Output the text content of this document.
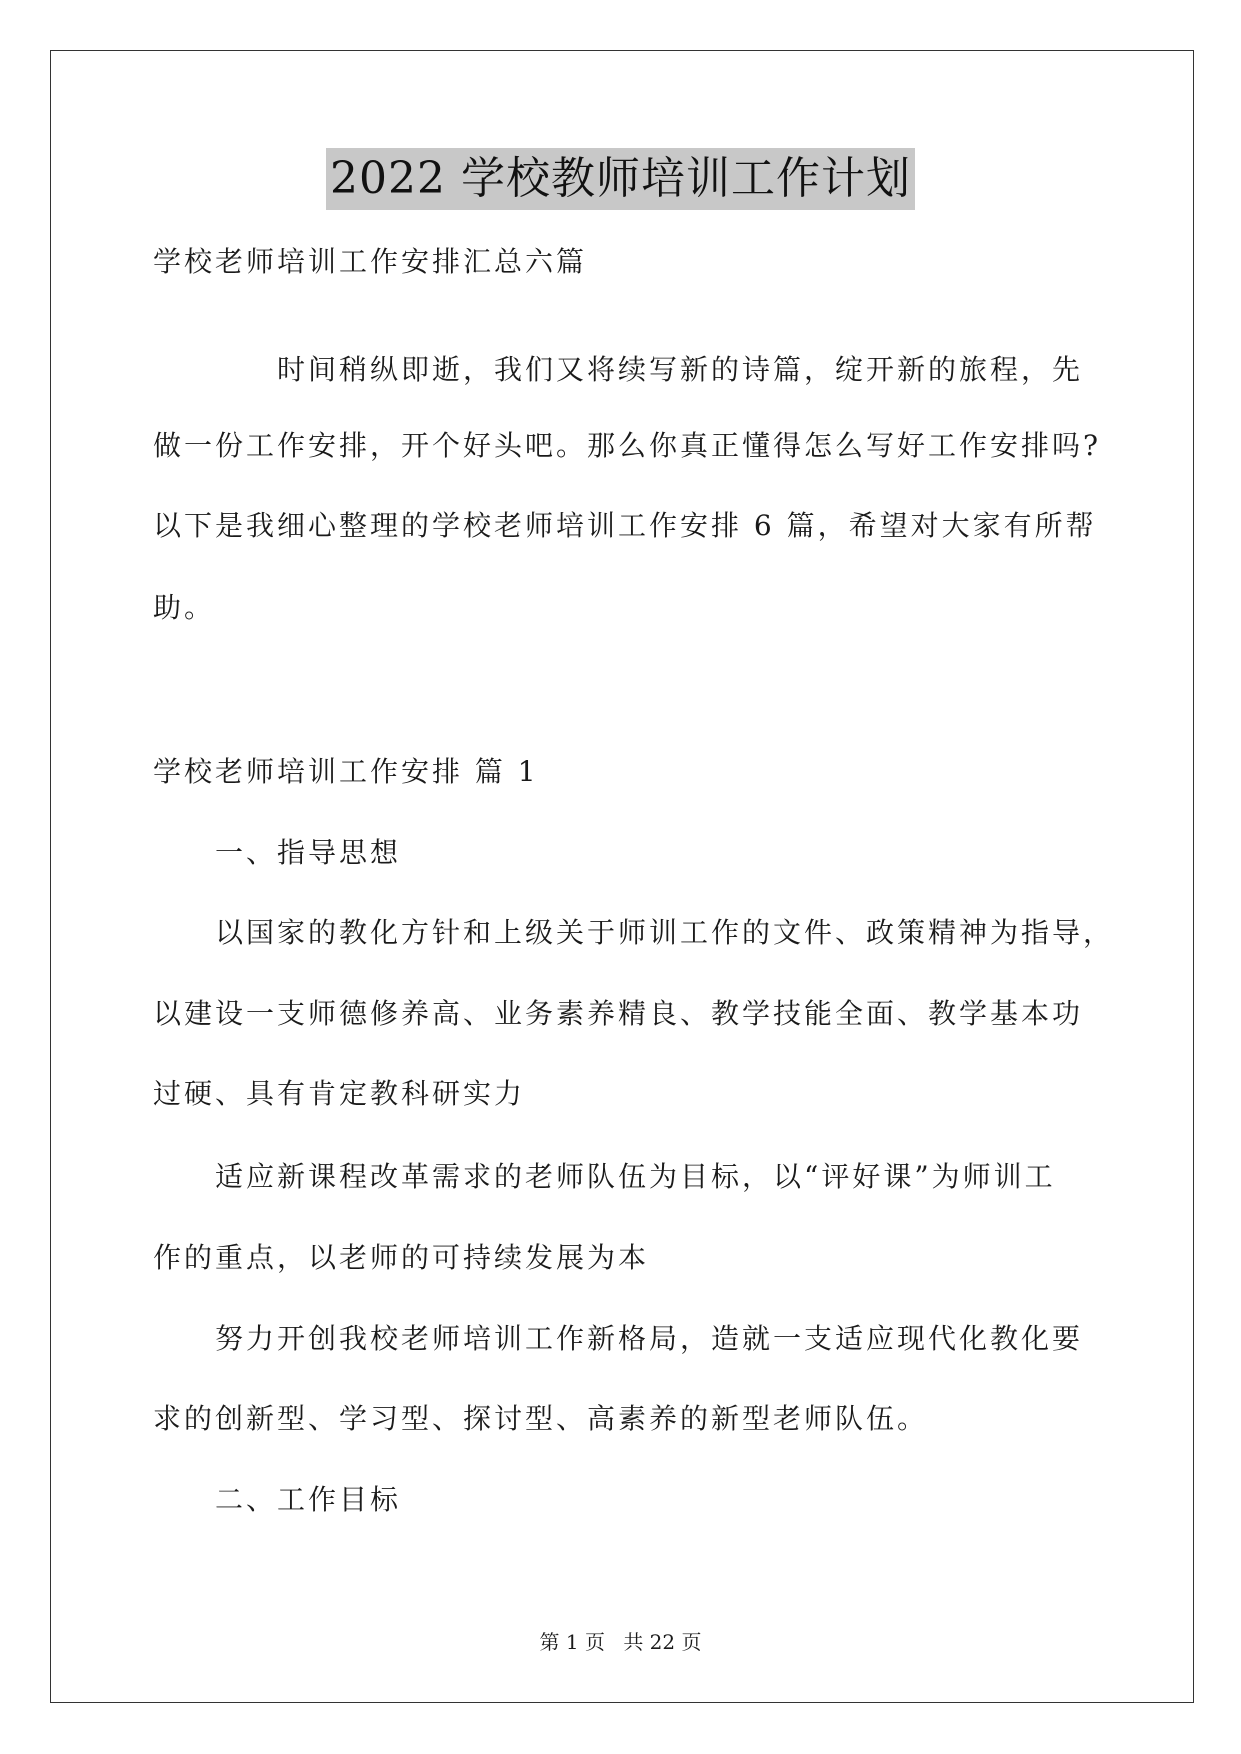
2022 学校教师培训工作计划
学校老师培训工作安排汇总六篇
时间稍纵即逝，我们又将续写新的诗篇，绽开新的旅程，先
做一份工作安排，开个好头吧。那么你真正懂得怎么写好工作安排吗?
以下是我细心整理的学校老师培训工作安排 6 篇，希望对大家有所帮
助。
学校老师培训工作安排 篇 1
一、指导思想
以国家的教化方针和上级关于师训工作的文件、政策精神为指导，
以建设一支师德修养高、业务素养精良、教学技能全面、教学基本功
过硬、具有肯定教科研实力
适应新课程改革需求的老师队伍为目标，以“评好课”为师训工
作的重点，以老师的可持续发展为本
努力开创我校老师培训工作新格局，造就一支适应现代化教化要
求的创新型、学习型、探讨型、高素养的新型老师队伍。
二、工作目标
第 1 页 共 22 页
